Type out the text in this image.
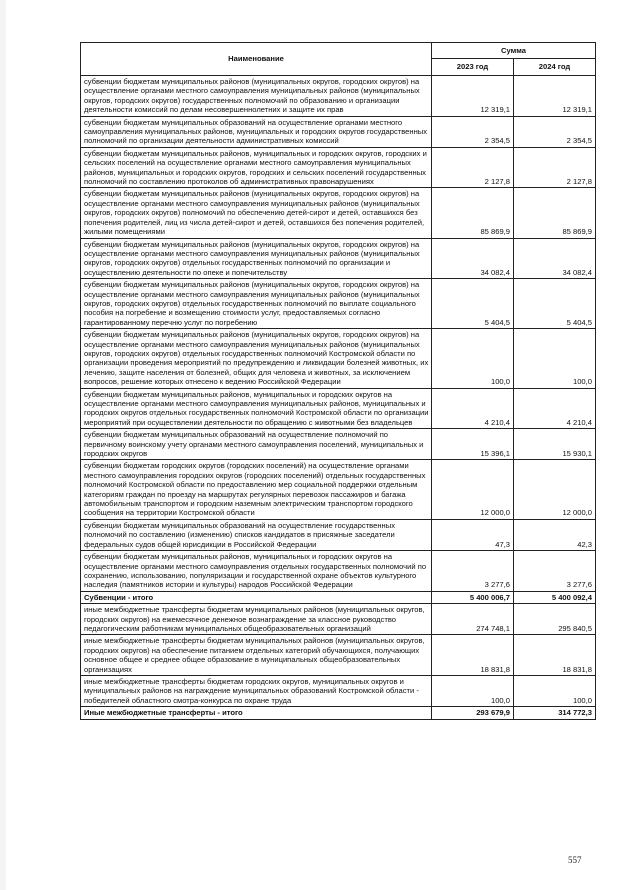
Наименование	Сумма	
	2023 год	2024 год
субвенции бюджетам муниципальных районов (муниципальных округов, городских округов) на осуществление органами местного самоуправления муниципальных районов (муниципальных округов, городских округов) государственных полномочий по образованию и организации деятельности комиссий по делам несовершеннолетних и защите их прав	12 319,1	12 319,1
субвенции бюджетам муниципальных образований на осуществление органами местного самоуправления муниципальных районов, муниципальных и городских округов государственных полномочий по организации деятельности административных комиссий	2 354,5	2 354,5
субвенции бюджетам муниципальных районов, муниципальных и городских округов, городских и сельских поселений на осуществление органами местного самоуправления муниципальных районов, муниципальных и городских округов, городских и сельских поселений государственных полномочий по составлению протоколов об административных правонарушениях	2 127,8	2 127,8
субвенции бюджетам муниципальных районов (муниципальных округов, городских округов) на осуществление органами местного самоуправления муниципальных районов (муниципальных округов, городских округов) полномочий по обеспечению детей-сирот и детей, оставшихся без попечения родителей, лиц из числа детей-сирот и детей, оставшихся без попечения родителей, жилыми помещениями	85 869,9	85 869,9
субвенции бюджетам муниципальных районов (муниципальных округов, городских округов) на осуществление органами местного самоуправления муниципальных районов (муниципальных округов, городских округов) отдельных государственных полномочий по организации и осуществлению деятельности по опеке и попечительству	34 082,4	34 082,4
субвенции бюджетам муниципальных районов (муниципальных округов, городских округов) на осуществление органами местного самоуправления муниципальных районов (муниципальных округов, городских округов) отдельных государственных полномочий по выплате социального пособия на погребение и возмещению стоимости услуг, предоставляемых согласно гарантированному перечню услуг по погребению	5 404,5	5 404,5
субвенции бюджетам муниципальных районов (муниципальных округов, городских округов) на осуществление органами местного самоуправления муниципальных районов (муниципальных округов, городских округов) отдельных государственных полномочий Костромской области по организации проведения мероприятий по предупреждению и ликвидации болезней животных, их лечению, защите населения от болезней, общих для человека и животных, за исключением вопросов, решение которых отнесено к ведению Российской Федерации	100,0	100,0
субвенции бюджетам муниципальных районов, муниципальных и городских округов на осуществление органами местного самоуправления муниципальных районов, муниципальных и городских округов отдельных государственных полномочий Костромской области по организации мероприятий при осуществлении деятельности по обращению с животными без владельцев	4 210,4	4 210,4
субвенции бюджетам муниципальных образований на осуществление полномочий по первичному воинскому учету органами местного самоуправления поселений, муниципальных и городских округов	15 396,1	15 930,1
субвенции бюджетам городских округов (городских поселений) на осуществление органами местного самоуправления городских округов (городских поселений) отдельных государственных полномочий Костромской области по предоставлению мер социальной поддержки отдельным категориям граждан по проезду на маршрутах регулярных перевозок пассажиров и багажа автомобильным транспортом и городским наземным электрическим транспортом городского сообщения на территории Костромской области	12 000,0	12 000,0
субвенции бюджетам муниципальных образований на осуществление государственных полномочий по составлению (изменению) списков кандидатов в присяжные заседатели федеральных судов общей юрисдикции в Российской Федерации	47,3	42,3
субвенции бюджетам муниципальных районов, муниципальных и городских округов на осуществление органами местного самоуправления отдельных государственных полномочий по сохранению, использованию, популяризации и государственной охране объектов культурного наследия (памятников истории и культуры) народов Российской Федерации	3 277,6	3 277,6
Субвенции - итого	5 400 006,7	5 400 092,4
иные межбюджетные трансферты бюджетам муниципальных районов (муниципальных округов, городских округов) на ежемесячное денежное вознаграждение за классное руководство педагогическим работникам муниципальных общеобразовательных организаций	274 748,1	295 840,5
иные межбюджетные трансферты бюджетам муниципальных районов (муниципальных округов, городских округов) на обеспечение питанием отдельных категорий обучающихся, получающих основное общее и среднее общее образование в муниципальных общеобразовательных организациях	18 831,8	18 831,8
иные межбюджетные трансферты бюджетам городских округов, муниципальных округов и муниципальных районов на награждение муниципальных образований Костромской области - победителей областного смотра-конкурса по охране труда	100,0	100,0
Иные межбюджетные трансферты - итого	293 679,9	314 772,3
557
